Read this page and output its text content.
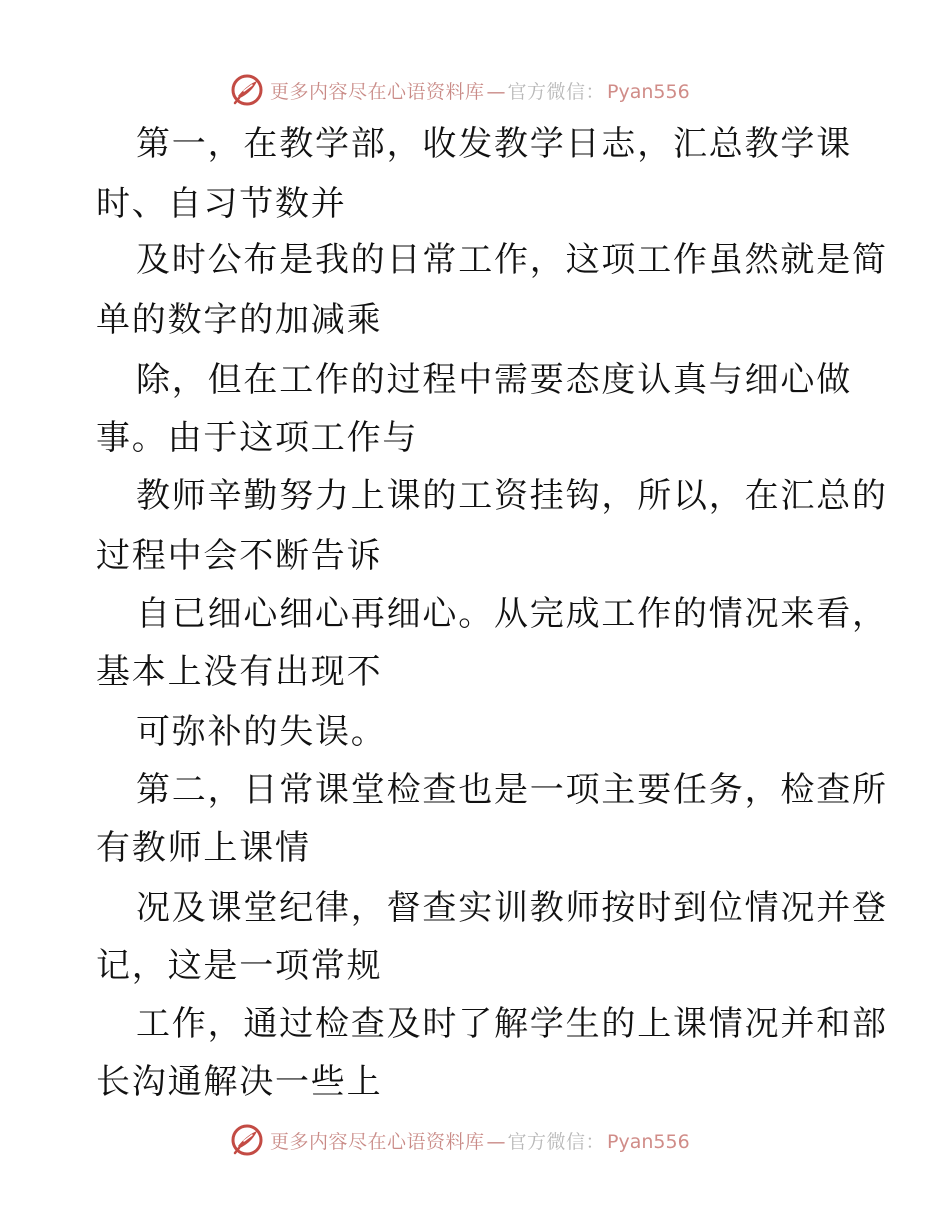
更多内容尽在心语资料库 — 官方微信： Pyan556
第一，在教学部，收发教学日志，汇总教学课
时、自习节数并
及时公布是我的日常工作，这项工作虽然就是简
单的数字的加减乘
除，但在工作的过程中需要态度认真与细心做
事。由于这项工作与
教师辛勤努力上课的工资挂钩，所以，在汇总的
过程中会不断告诉
自已细心细心再细心。从完成工作的情况来看，
基本上没有出现不
可弥补的失误。
第二，日常课堂检查也是一项主要任务，检查所
有教师上课情
况及课堂纪律，督查实训教师按时到位情况并登
记，这是一项常规
工作，通过检查及时了解学生的上课情况并和部
长沟通解决一些上
更多内容尽在心语资料库 — 官方微信： Pyan556
